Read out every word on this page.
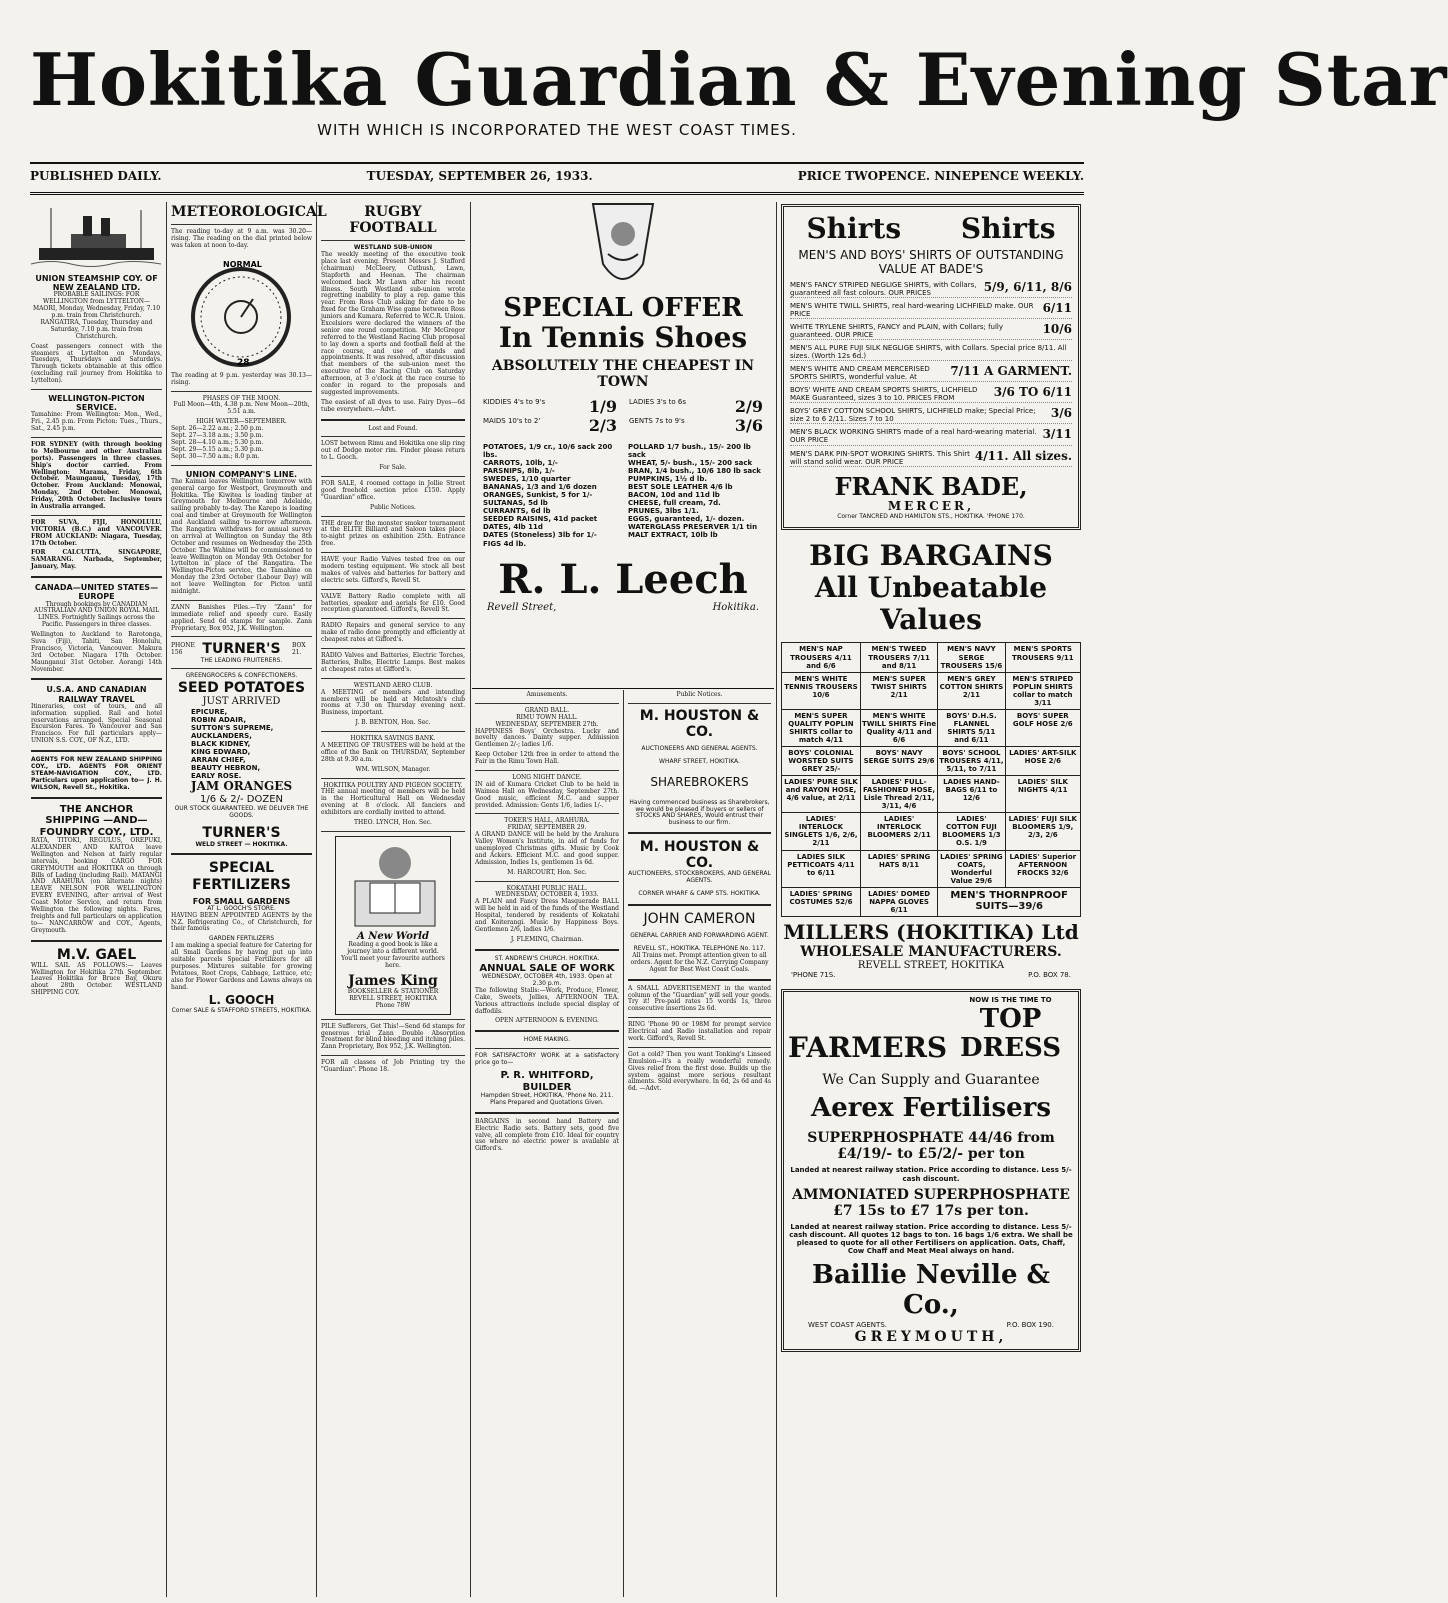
Hokitika Guardian & Evening Star
WITH WHICH IS INCORPORATED THE WEST COAST TIMES.
PUBLISHED DAILY.	TUESDAY, SEPTEMBER 26, 1933.	PRICE TWOPENCE. NINEPENCE WEEKLY.
UNION STEAMSHIP COY. OF NEW ZEALAND LTD.

PROBABLE SAILINGS: FOR WELLINGTON from LYTTELTON— MAORI, Monday, Wednesday, Friday, 7.10 p.m. train from Christchurch. RANGATIRA, Tuesday, Thursday and Saturday, 7.10 p.m. train from Christchurch.

Coast passengers connect with the steamers at Lyttelton on Mondays, Tuesdays, Thursdays and Saturdays. Through tickets obtainable at this office (excluding rail journey from Hokitika to Lyttelton).

WELLINGTON-PICTON SERVICE.

Tamahine: From Wellington: Mon., Wed., Fri., 2.45 p.m. From Picton: Tues., Thurs., Sat., 2.45 p.m.

FOR SYDNEY (with through booking to Melbourne and other Australian ports). Passengers in three classes. Ship's doctor carried. From Wellington: Marama, Friday, 6th October. Maunganui, Tuesday, 17th October. From Auckland: Monowai, Monday, 2nd October. Monowai, Friday, 20th October. Inclusive tours in Australia arranged.

FOR SUVA, FIJI, HONOLULU, VICTORIA (B.C.) and VANCOUVER. FROM AUCKLAND: Niagara, Tuesday, 17th October.

FOR CALCUTTA, SINGAPORE, SAMARANG. Narbada, September, January, May.

CANADA—UNITED STATES—EUROPE

Through bookings by CANADIAN AUSTRALIAN AND UNION ROYAL MAIL LINES. Fortnightly Sailings across the Pacific. Passengers in three classes.

Wellington to Auckland to Rarotonga, Suva (Fiji), Tahiti, San Honolulu, Francisco, Victoria, Vancouver. Makura 3rd October. Niagara 17th October. Maunganui 31st October. Aorangi 14th November.

U.S.A. AND CANADIAN RAILWAY TRAVEL

Itineraries, cost of tours, and all information supplied. Rail and hotel reservations arranged. Special Seasonal Excursion Fares. To Vancouver and San Francisco. For full particulars apply— UNION S.S. COY., OF N.Z., LTD.

AGENTS FOR NEW ZEALAND SHIPPING COY., LTD. AGENTS FOR ORIENT STEAM-NAVIGATION COY., LTD. Particulars upon application to— J. H. WILSON, Revell St., Hokitika.

THE ANCHOR SHIPPING —AND— FOUNDRY COY., LTD.

RATA, TITOKI, REGULUS, OREPUKI, ALEXANDER AND KAITOA leave Wellington and Nelson at fairly regular intervals, booking CARGO FOR GREYMOUTH and HOKITIKA on through Bills of Lading (including Rail). MATANGI AND ARAHURA (on alternate nights) LEAVE NELSON FOR WELLINGTON EVERY EVENING, after arrival of West Coast Motor Service, and return from Wellington the following nights. Fares, freights and full particulars on application to— NANCARROW and COY., Agents, Greymouth.

M.V. GAEL

WILL SAIL AS FOLLOWS:— Leaves Wellington for Hokitika 27th September. Leaves Hokitika for Bruce Bay, Okuru about 28th October. WESTLAND SHIPPING COY.

METEOROLOGICAL

The reading to-day at 9 a.m. was 30.20—rising. The reading on the dial printed below was taken at noon to-day.

NORMAL
28

The reading at 9 p.m. yesterday was 30.13—rising.

PHASES OF THE MOON.

Full Moon—4th, 4.38 p.m. New Moon—20th, 5.51 a.m.

HIGH WATER—SEPTEMBER.
Sept. 26—2.22 a.m.; 2.50 p.m.
Sept. 27—3.18 a.m.; 3.50 p.m.
Sept. 28—4.10 a.m.; 5.30 p.m.
Sept. 29—5.15 a.m.; 5.30 p.m.
Sept. 30—7.50 a.m.; 8.0 p.m.
UNION COMPANY'S LINE.

The Kaimai leaves Wellington tomorrow with general cargo for Westport, Greymouth and Hokitika. The Kiwitea is loading timber at Greymouth for Melbourne and Adelaide, sailing probably to-day. The Karepo is loading coal and timber at Greymouth for Wellington and Auckland sailing to-morrow afternoon. The Rangatira withdraws for annual survey on arrival at Wellington on Sunday the 8th October and resumes on Wednesday the 25th October. The Wahine will be commissioned to leave Wellington on Monday 9th October for Lyttelton in place of the Rangatira. The Wellington-Picton service, the Tamahine on Monday the 23rd October (Labour Day) will not leave Wellington for Picton until midnight.

ZANN Banishes Piles.—Try "Zann" for immediate relief and speedy cure. Easily applied. Send 6d stamps for sample. Zann Proprietary, Box 952, J.K. Wellington.

PHONE 156	TURNER'S BOX 21.
THE LEADING FRUITERERS.
GREENGROCERS & CONFECTIONERS.
SEED POTATOES
JUST ARRIVED
EPICURE,
ROBIN ADAIR,
SUTTON'S SUPREME,
AUCKLANDERS,
BLACK KIDNEY,
KING EDWARD,
ARRAN CHIEF,
BEAUTY HEBRON,
EARLY ROSE.
JAM ORANGES
1/6 & 2/- DOZEN
OUR STOCK GUARANTEED. WE DELIVER THE GOODS.
TURNER'S
WELD STREET — HOKITIKA.
SPECIAL FERTILIZERS
FOR SMALL GARDENS
AT L. GOOCH'S STORE.

HAVING BEEN APPOINTED AGENTS by the N.Z. Refrigerating Co., of Christchurch, for their famous

GARDEN FERTILIZERS

I am making a special feature for Catering for all Small Gardens by having put up into suitable parcels Special Fertilizers for all purposes. Mixtures suitable for growing Potatoes, Root Crops, Cabbage, Lettuce, etc; also for Flower Gardens and Lawns always on hand.

L. GOOCH
Corner SALE & STAFFORD STREETS, HOKITIKA.
RUGBY FOOTBALL
WESTLAND SUB-UNION

The weekly meeting of the executive took place last evening. Present Messrs J. Stafford (chairman) McCleery, Cutbush, Lawn, Stapforth and Heenan. The chairman welcomed back Mr Lawn after his recent illness. South Westland sub-union wrote regretting inability to play a rep. game this year. From Ross Club asking for date to be fixed for the Graham Wise game between Ross juniors and Kumara. Referred to W.C.R. Union. Excelsiors were declared the winners of the senior one round competition. Mr McGregor referred to the Westland Racing Club proposal to lay down a sports and football field at the race course, and use of stands and appointments. It was resolved, after discussion that members of the sub-union meet the executive of the Racing Club on Saturday afternoon, at 3 o'clock at the race course to confer in regard to the proposals and suggested improvements.

The easiest of all dyes to use. Fairy Dyes—6d tube everywhere.—Advt.

Lost and Found.

LOST between Rimu and Hokitika one slip ring out of Dodge motor rim. Finder please return to L. Gooch.

For Sale.

FOR SALE, 4 roomed cottage in Jollie Street good freehold section price £150. Apply "Guardian" office.

Public Notices.

THE draw for the monster smoker tournament at the ELITE Billiard and Saloon takes place to-night prizes on exhibition 25th. Entrance free.

HAVE your Radio Valves tested free on our modern testing equipment. We stock all best makes of valves and batteries for battery and electric sets. Gifford's, Revell St.

VALVE Battery Radio complete with all batteries, speaker and aerials for £10. Good reception guaranteed. Gifford's, Revell St.

RADIO Repairs and general service to any make of radio done promptly and efficiently at cheapest rates at Gifford's.

RADIO Valves and Batteries, Electric Torches, Batteries, Bulbs, Electric Lamps. Best makes at cheapest rates at Gifford's.

WESTLAND AERO CLUB.

A MEETING of members and intending members will be held at McIntosh's club rooms at 7.30 on Thursday evening next. Business, important.

J. B. BENTON, Hon. Sec.
HOKITIKA SAVINGS BANK.

A MEETING OF TRUSTEES will be held at the office of the Bank on THURSDAY, September 28th at 9.30 a.m.

WM. WILSON, Manager.
HOKITIKA POULTRY AND PIGEON SOCIETY.

THE annual meeting of members will be held in the Horticultural Hall on Wednesday evening at 8 o'clock. All fanciers and exhibitors are cordially invited to attend.

THEO. LYNCH, Hon. Sec.
A New World

Reading a good book is like a journey into a different world. You'll meet your favourite authors here.

James King
BOOKSELLER & STATIONER REVELL STREET, HOKITIKA Phone 78W

PILE Sufferers, Get This!—Send 6d stamps for generous trial Zann Double Absorption Treatment for blind bleeding and itching piles. Zann Proprietary, Box 952, J.K. Wellington.

FOR all classes of Job Printing try the "Guardian". Phone 18.

SPECIAL OFFER
In Tennis Shoes
ABSOLUTELY THE CHEAPEST IN TOWN
KIDDIES 4's to 9's	1/9
MAIDS 10's to 2'	2/3
LADIES 3's to 6s	2/9
GENTS 7s to 9's	3/6
POTATOES, 1/9 cr., 10/6 sack 200 lbs.
CARROTS, 10lb, 1/-
PARSNIPS, 8lb, 1/-
SWEDES, 1/10 quarter
BANANAS, 1/3 and 1/6 dozen
ORANGES, Sunkist, 5 for 1/-
SULTANAS, 5d lb
CURRANTS, 6d lb
SEEDED RAISINS, 41d packet
DATES, 4lb 11d
DATES (Stoneless) 3lb for 1/-
FIGS 4d lb.
POLLARD 1/7 bush., 15/- 200 lb sack
WHEAT, 5/- bush., 15/- 200 sack
BRAN, 1/4 bush., 10/6 180 lb sack
PUMPKINS, 1½ d lb.
BEST SOLE LEATHER 4/6 lb
BACON, 10d and 11d lb
CHEESE, full cream, 7d.
PRUNES, 3lbs 1/1.
EGGS, guaranteed, 1/- dozen.
WATERGLASS PRESERVER 1/1 tin
MALT EXTRACT, 10lb lb
R. L. Leech
Revell Street,	Hokitika.
Amusements.
GRAND BALL.
RIMU TOWN HALL.
WEDNESDAY, SEPTEMBER 27th.

HAPPINESS Boys' Orchestra. Lucky and novelty dances. Dainty supper. Admission Gentlemen 2/-; ladies 1/6.

Keep October 12th free in order to attend the Fair in the Rimu Town Hall.

LONG NIGHT DANCE.

IN aid of Kumara Cricket Club to be held in Waimea Hall on Wednesday, September 27th. Good music, efficient M.C. and supper provided. Admission: Gents 1/6, ladies 1/-.

TOKER'S HALL, ARAHURA.
FRIDAY, SEPTEMBER 29.

A GRAND DANCE will be held by the Arahura Valley Women's Institute, in aid of funds for unemployed Christmas gifts. Music by Cook and Ackers. Efficient M.C. and good supper. Admission, Indies 1s, gentlemen 1s 6d.

M. HARCOURT, Hon. Sec.
KOKATAHI PUBLIC HALL.
WEDNESDAY, OCTOBER 4, 1933.

A PLAIN and Fancy Dress Masquerade BALL will be held in aid of the funds of the Westland Hospital, tendered by residents of Kokatahi and Koiterangi. Music by Happiness Boys. Gentlemen 2/6, ladies 1/6.

J. FLEMING, Chairman.
ST. ANDREW'S CHURCH. HOKITIKA.
ANNUAL SALE OF WORK
WEDNESDAY, OCTOBER 4th, 1933. Open at 2.30 p.m.

The following Stalls:—Work, Produce, Flower, Cake, Sweets, Jellies, AFTERNOON TEA. Various attractions include special display of daffodils.

OPEN AFTERNOON & EVENING.
HOME MAKING.

FOR SATISFACTORY WORK at a satisfactory price go to—

P. R. WHITFORD,
BUILDER
Hampden Street, HOKITIKA, 'Phone No. 211.
Plans Prepared and Quotations Given.

BARGAINS in second hand Battery and Electric Radio sets. Battery sets, good five valve, all complete from £10. Ideal for country use where no electric power is available at Gifford's.

Public Notices.
M. HOUSTON & CO.
AUCTIONEERS AND GENERAL AGENTS.
WHARF STREET, HOKITIKA.
SHAREBROKERS

Having commenced business as Sharebrokers, we would be pleased if buyers or sellers of STOCKS AND SHARES, Would entrust their business to our firm.

M. HOUSTON & CO.
AUCTIONEERS, STOCKBROKERS, AND GENERAL AGENTS.
CORNER WHARF & CAMP STS. HOKITIKA.
JOHN CAMERON
GENERAL CARRIER AND FORWARDING AGENT.
REVELL ST., HOKITIKA. TELEPHONE No. 117.

All Trains met. Prompt attention given to all orders. Agent for the N.Z. Carrying Company Agent for Best West Coast Coals.

A SMALL ADVERTISEMENT in the wanted column of the "Guardian" will sell your goods. Try it! Pre-paid rates 15 words 1s, three consecutive insertions 2s 6d.

RING 'Phone 90 or 198M for prompt service Electrical and Radio installation and repair work. Gifford's, Revell St.

Got a cold? Then you want Tonking's Linseed Emulsion—it's a really wonderful remedy. Gives relief from the first dose. Builds up the system against more serious resultant ailments. Sold everywhere. In 6d, 2s 6d and 4s 6d. —Advt.

Shirts Shirts
MEN'S AND BOYS' SHIRTS OF OUTSTANDING VALUE AT BADE'S
MEN'S FANCY STRIPED NEGLIGE SHIRTS, with Collars, guaranteed all fast colours. OUR PRICES	5/9, 6/11, 8/6
MEN'S WHITE TWILL SHIRTS, real hard-wearing LICHFIELD make. OUR PRICE	6/11
WHITE TRYLENE SHIRTS, FANCY and PLAIN, with Collars; fully guaranteed. OUR PRICE	10/6
MEN'S ALL PURE FUJI SILK NEGLIGE SHIRTS, with Collars. Special price 8/11. All sizes. (Worth 12s 6d.)
MEN'S WHITE AND CREAM MERCERISED SPORTS SHIRTS, wonderful value. At	7/11 A GARMENT.
BOYS' WHITE AND CREAM SPORTS SHIRTS, LICHFIELD MAKE Guaranteed, sizes 3 to 10. PRICES FROM	3/6 TO 6/11
BOYS' GREY COTTON SCHOOL SHIRTS, LICHFIELD make; Special Price; size 2 to 6 2/11. Sizes 7 to 10	3/6
MEN'S BLACK WORKING SHIRTS made of a real hard-wearing material. OUR PRICE	3/11
MEN'S DARK PIN-SPOT WORKING SHIRTS. This Shirt will stand solid wear. OUR PRICE	4/11. All sizes.
FRANK BADE,
MERCER,
Corner TANCRED AND HAMILTON STS., HOKITIKA. 'PHONE 170.
BIG BARGAINS
All Unbeatable Values
MEN'S NAP TROUSERS 4/11 and 6/6	MEN'S TWEED TROUSERS 7/11 and 8/11	MEN'S NAVY SERGE TROUSERS 15/6	MEN'S SPORTS TROUSERS 9/11
MEN'S WHITE TENNIS TROUSERS 10/6	MEN'S SUPER TWIST SHIRTS 2/11	MEN'S GREY COTTON SHIRTS 2/11	MEN'S STRIPED POPLIN SHIRTS collar to match 3/11
MEN'S SUPER QUALITY POPLIN SHIRTS collar to match 4/11	MEN'S WHITE TWILL SHIRTS Fine Quality 4/11 and 6/6	BOYS' D.H.S. FLANNEL SHIRTS 5/11 and 6/11	BOYS' SUPER GOLF HOSE 2/6
BOYS' COLONIAL WORSTED SUITS GREY 25/-	BOYS' NAVY SERGE SUITS 29/6	BOYS' SCHOOL TROUSERS 4/11, 5/11, to 7/11	LADIES' ART-SILK HOSE 2/6
LADIES' PURE SILK and RAYON HOSE, 4/6 value, at 2/11	LADIES' FULL-FASHIONED HOSE, Lisle Thread 2/11, 3/11, 4/6	LADIES HAND-BAGS 6/11 to 12/6	LADIES' SILK NIGHTS 4/11
LADIES' INTERLOCK SINGLETS 1/6, 2/6, 2/11	LADIES' INTERLOCK BLOOMERS 2/11	LADIES' COTTON FUJI BLOOMERS 1/3 O.S. 1/9	LADIES' FUJI SILK BLOOMERS 1/9, 2/3, 2/6
LADIES SILK PETTICOATS 4/11 to 6/11	LADIES' SPRING HATS 8/11	LADIES' SPRING COATS, Wonderful Value 29/6	LADIES' Superior AFTERNOON FROCKS 32/6
LADIES' SPRING COSTUMES 52/6	LADIES' DOMED NAPPA GLOVES 6/11	MEN'S THORNPROOF SUITS—39/6	
MILLERS (HOKITIKA) Ltd
WHOLESALE MANUFACTURERS.
REVELL STREET, HOKITIKA
'PHONE 71S.	P.O. BOX 78.
FARMERS
NOW IS THE TIME TO
TOP DRESS
We Can Supply and Guarantee
Aerex Fertilisers
SUPERPHOSPHATE 44/46 from £4/19/- to £5/2/- per ton
Landed at nearest railway station. Price according to distance. Less 5/- cash discount.
AMMONIATED SUPERPHOSPHATE £7 15s to £7 17s per ton.
Landed at nearest railway station. Price according to distance. Less 5/- cash discount. All quotes 12 bags to ton. 16 bags 1/6 extra. We shall be pleased to quote for all other Fertilisers on application. Oats, Chaff, Cow Chaff and Meat Meal always on hand.
Baillie Neville & Co.,
WEST COAST AGENTS.	P.O. BOX 190.
GREYMOUTH,
